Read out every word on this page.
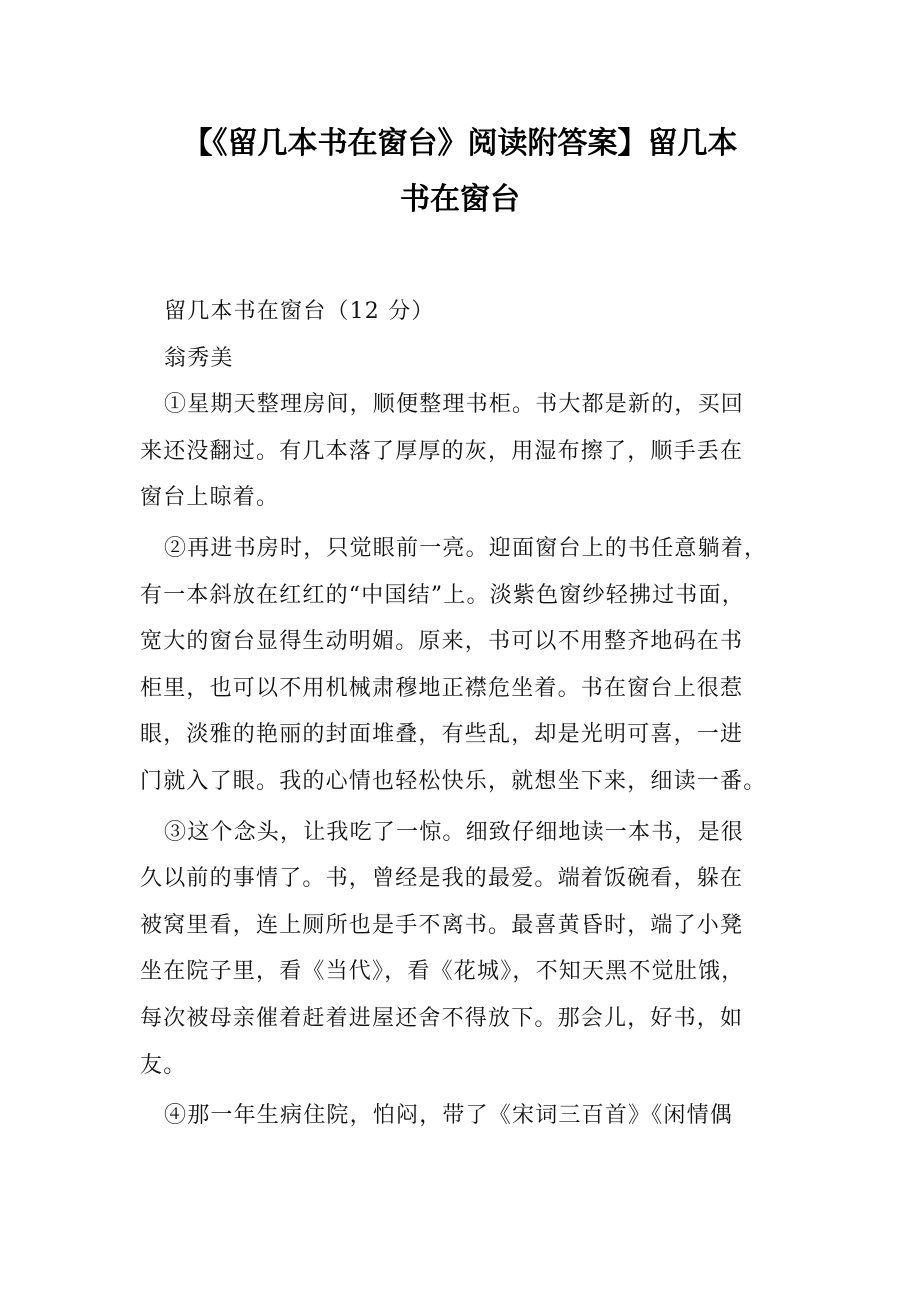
【《留几本书在窗台》阅读附答案】留几本
书在窗台
留几本书在窗台（12 分）
翁秀美
①星期天整理房间，顺便整理书柜。书大都是新的，买回
来还没翻过。有几本落了厚厚的灰，用湿布擦了，顺手丢在
窗台上晾着。
②再进书房时，只觉眼前一亮。迎面窗台上的书任意躺着，
有一本斜放在红红的“中国结”上。淡紫色窗纱轻拂过书面，
宽大的窗台显得生动明媚。原来，书可以不用整齐地码在书
柜里，也可以不用机械肃穆地正襟危坐着。书在窗台上很惹
眼，淡雅的艳丽的封面堆叠，有些乱，却是光明可喜，一进
门就入了眼。我的心情也轻松快乐，就想坐下来，细读一番。
③这个念头，让我吃了一惊。细致仔细地读一本书，是很
久以前的事情了。书，曾经是我的最爱。端着饭碗看，躲在
被窝里看，连上厕所也是手不离书。最喜黄昏时，端了小凳
坐在院子里，看《当代》，看《花城》，不知天黑不觉肚饿，
每次被母亲催着赶着进屋还舍不得放下。那会儿，好书，如
友。
④那一年生病住院，怕闷，带了《宋词三百首》《闲情偶
